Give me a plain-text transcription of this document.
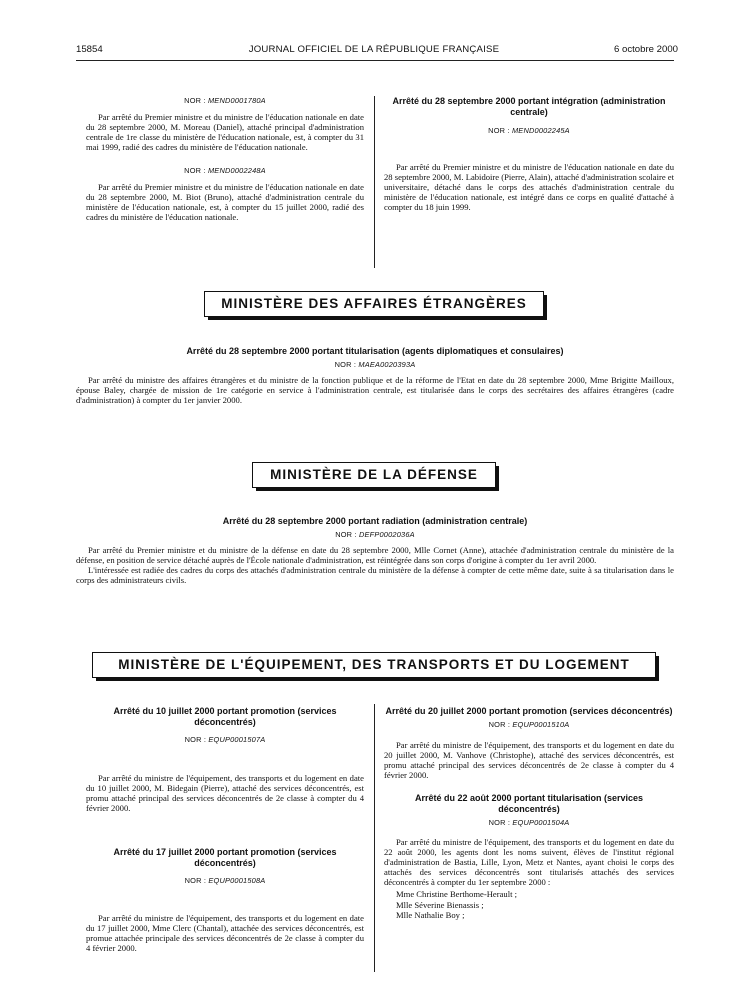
15854	JOURNAL OFFICIEL DE LA RÉPUBLIQUE FRANÇAISE	6 octobre 2000

NOR : MEND0001780A

Par arrêté du Premier ministre et du ministre de l'éducation nationale en date du 28 septembre 2000, M. Moreau (Daniel), attaché principal d'administration centrale de 1re classe du ministère de l'éducation nationale, est, à compter du 31 mai 1999, radié des cadres du ministère de l'éducation nationale.

NOR : MEND0002248A

Par arrêté du Premier ministre et du ministre de l'éducation nationale en date du 28 septembre 2000, M. Biot (Bruno), attaché d'administration centrale du ministère de l'éducation nationale, est, à compter du 15 juillet 2000, radié des cadres du ministère de l'éducation nationale.

Arrêté du 28 septembre 2000 portant intégration (administration centrale)

NOR : MEND0002245A

Par arrêté du Premier ministre et du ministre de l'éducation nationale en date du 28 septembre 2000, M. Labidoire (Pierre, Alain), attaché d'administration scolaire et universitaire, détaché dans le corps des attachés d'administration centrale du ministère de l'éducation nationale, est intégré dans ce corps en qualité d'attaché à compter du 18 juin 1999.

MINISTÈRE DES AFFAIRES ÉTRANGÈRES

Arrêté du 28 septembre 2000 portant titularisation (agents diplomatiques et consulaires)

NOR : MAEA0020393A

Par arrêté du ministre des affaires étrangères et du ministre de la fonction publique et de la réforme de l'Etat en date du 28 septembre 2000, Mme Brigitte Mailloux, épouse Baley, chargée de mission de 1re catégorie en service à l'administration centrale, est titularisée dans le corps des secrétaires des affaires étrangères (cadre d'administration) à compter du 1er janvier 2000.

MINISTÈRE DE LA DÉFENSE

Arrêté du 28 septembre 2000 portant radiation (administration centrale)

NOR : DEFP0002036A

Par arrêté du Premier ministre et du ministre de la défense en date du 28 septembre 2000, Mlle Cornet (Anne), attachée d'administration centrale du ministère de la défense, en position de service détaché auprès de l'École nationale d'administration, est réintégrée dans son corps d'origine à compter du 1er avril 2000.

L'intéressée est radiée des cadres du corps des attachés d'administration centrale du ministère de la défense à compter de cette même date, suite à sa titularisation dans le corps des administrateurs civils.

MINISTÈRE DE L'ÉQUIPEMENT, DES TRANSPORTS ET DU LOGEMENT

Arrêté du 10 juillet 2000 portant promotion (services déconcentrés)

NOR : EQUP0001507A

Par arrêté du ministre de l'équipement, des transports et du logement en date du 10 juillet 2000, M. Bidegain (Pierre), attaché des services déconcentrés, est promu attaché principal des services déconcentrés de 2e classe à compter du 4 février 2000.

Arrêté du 17 juillet 2000 portant promotion (services déconcentrés)

NOR : EQUP0001508A

Par arrêté du ministre de l'équipement, des transports et du logement en date du 17 juillet 2000, Mme Clerc (Chantal), attachée des services déconcentrés, est promue attachée principale des services déconcentrés de 2e classe à compter du 4 février 2000.

Arrêté du 20 juillet 2000 portant promotion (services déconcentrés)

NOR : EQUP0001510A

Par arrêté du ministre de l'équipement, des transports et du logement en date du 20 juillet 2000, M. Vanhove (Christophe), attaché des services déconcentrés, est promu attaché principal des services déconcentrés de 2e classe à compter du 4 février 2000.

Arrêté du 22 août 2000 portant titularisation (services déconcentrés)

NOR : EQUP0001504A

Par arrêté du ministre de l'équipement, des transports et du logement en date du 22 août 2000, les agents dont les noms suivent, élèves de l'institut régional d'administration de Bastia, Lille, Lyon, Metz et Nantes, ayant choisi le corps des attachés des services déconcentrés sont titularisés attachés des services déconcentrés à compter du 1er septembre 2000 :

Mme Christine Berthome-Herault ;

Mlle Séverine Bienassis ;

Mlle Nathalie Boy ;
